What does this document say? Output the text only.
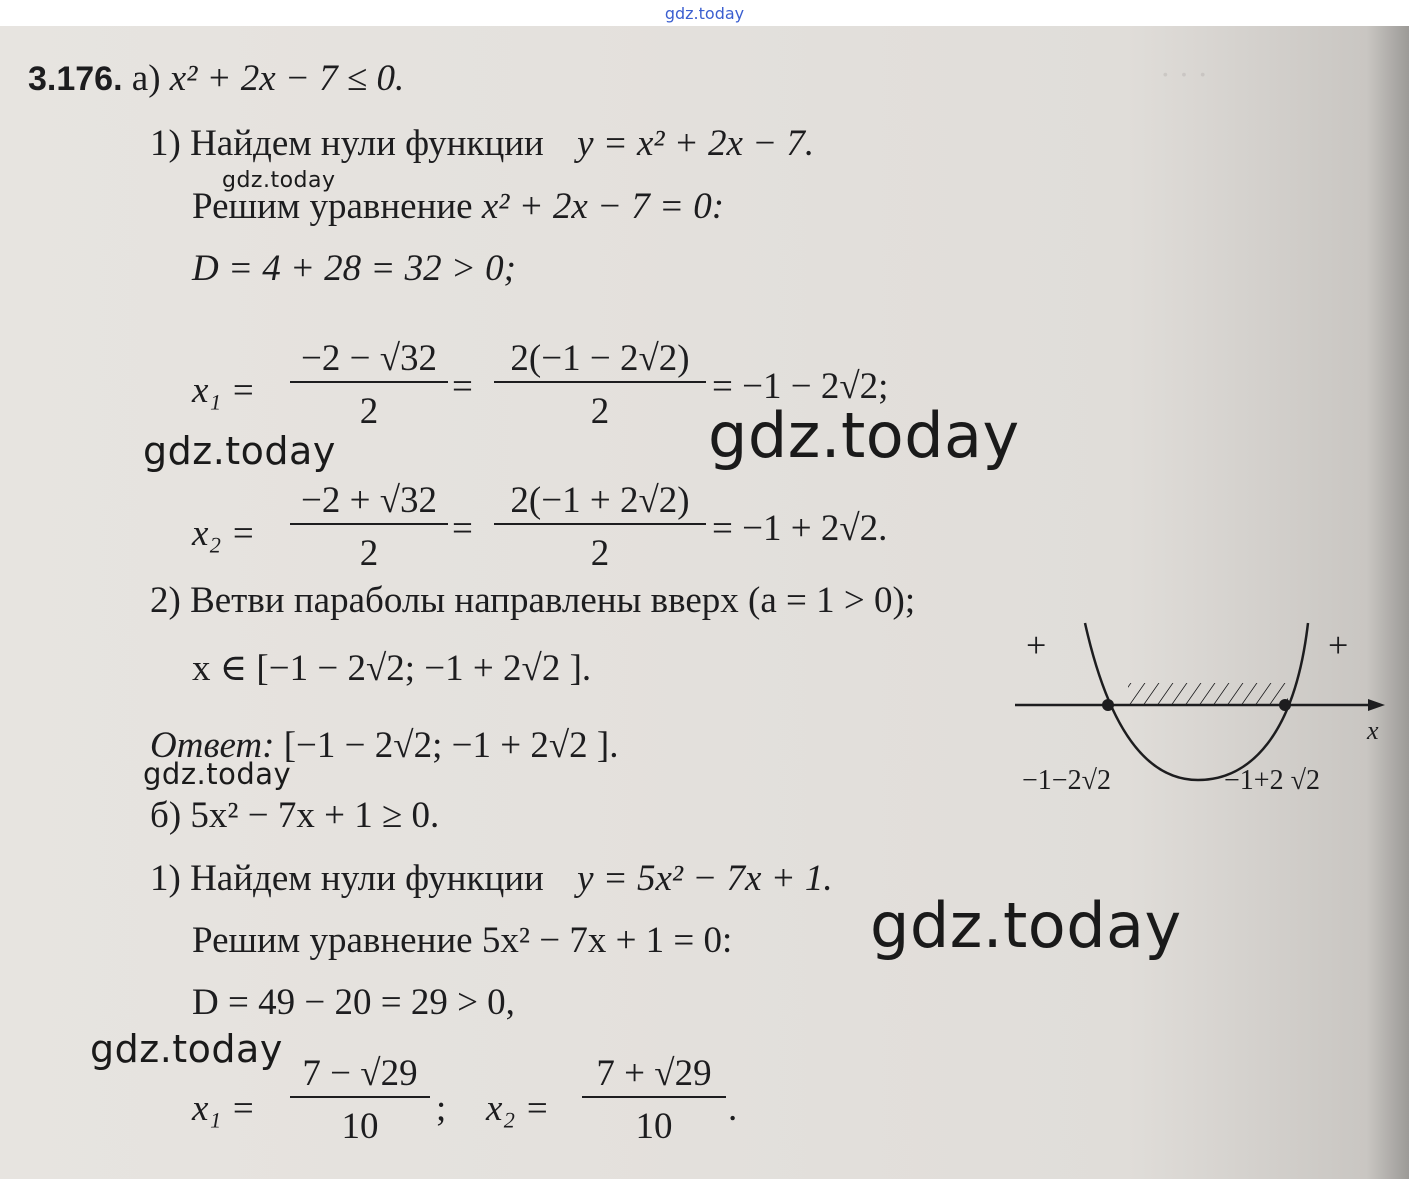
gdz.today
· · ·
3.176. а) x² + 2x − 7 ≤ 0.
1) Найдем нули функции y = x² + 2x − 7.
Решим уравнение x² + 2x − 7 = 0:
D = 4 + 28 = 32 > 0;
x₁ =
−2 − √32
2
=
2(−1 − 2√2)
2
= −1 − 2√2;
x₂ =
−2 + √32
2
=
2(−1 + 2√2)
2
= −1 + 2√2.
2) Ветви параболы направлены вверх (a = 1 > 0);
x ∈ [−1 − 2√2; −1 + 2√2 ].
Ответ: [−1 − 2√2; −1 + 2√2 ].
+	+
x
−1−2√2	−1+2 √2
б) 5x² − 7x + 1 ≥ 0.
1) Найдем нули функции y = 5x² − 7x + 1.
Решим уравнение 5x² − 7x + 1 = 0:
D = 49 − 20 = 29 > 0,
x₁ =
7 − √29
10	; x₂ =
7 + √29
10	.
gdz.today
gdz.today	gdz.today
gdz.today
gdz.today
gdz.today
